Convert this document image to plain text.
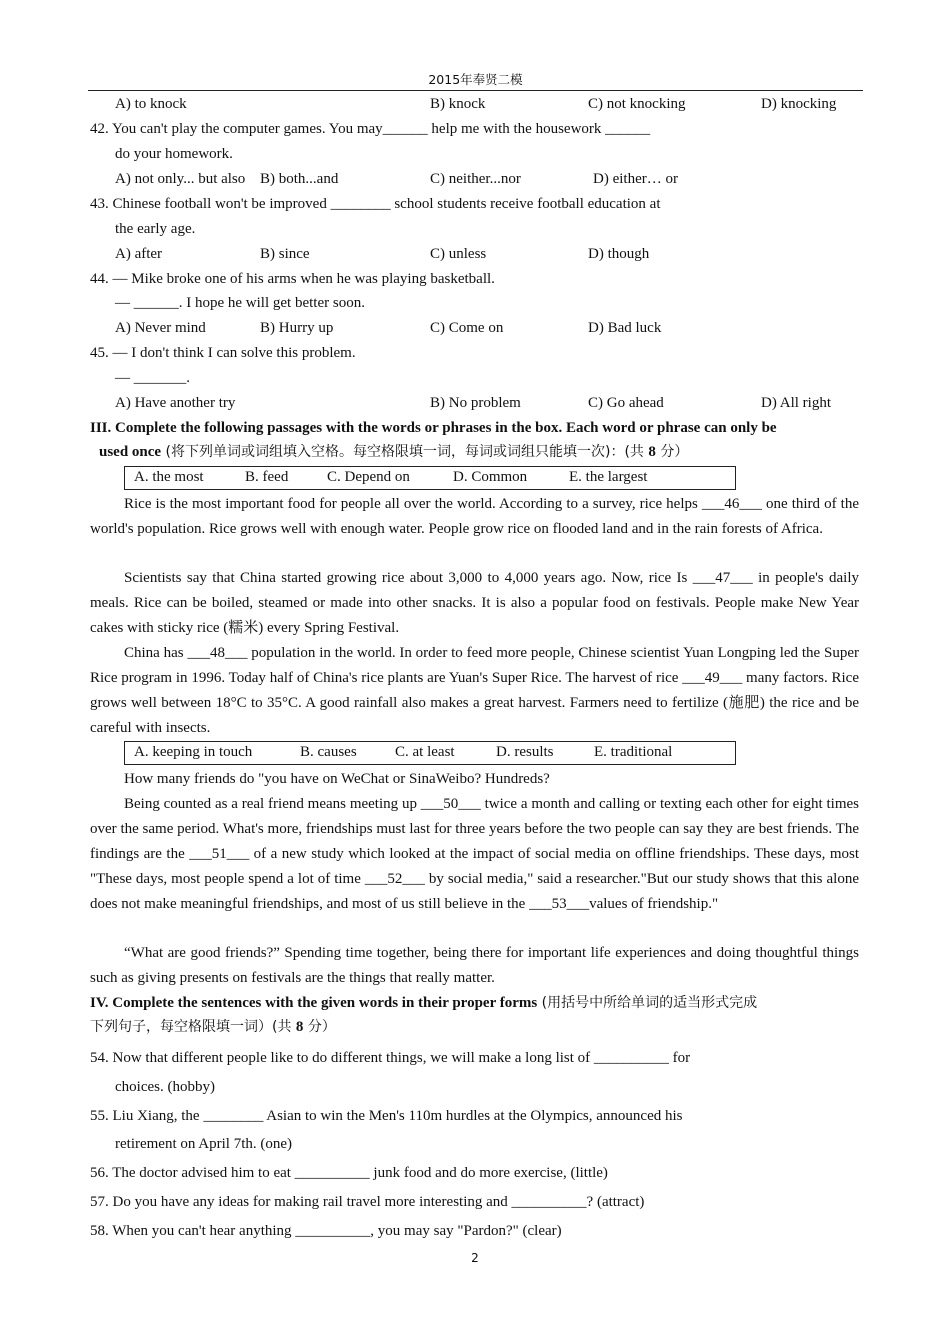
2015年奉贤二模
A) to knock	B) knock	C) not knocking	D) knocking
42. You can't play the computer games. You may______ help me with the housework ______
do your homework.
A) not only... but also B) both...and	C) neither...nor	D) either… or
43. Chinese football won't be improved ________ school students receive football education at
the early age.
A) after	B) since	C) unless	D) though
44. — Mike broke one of his arms when he was playing basketball.
— ______. I hope he will get better soon.
A) Never mind	B) Hurry up	C) Come on	D) Bad luck
45. — I don't think I can solve this problem.
— _______.
A) Have another try	B) No problem	C) Go ahead	D) All right
III. Complete the following passages with the words or phrases in the box. Each word or phrase can only be
used once (将下列单词或词组填入空格。每空格限填一词，每词或词组只能填一次)：(共 8 分）
A. the most	B. feed	C. Depend on	D. Common	E. the largest

Rice is the most important food for people all over the world. According to a survey, rice helps ___46___ one third of the world's population. Rice grows well with enough water. People grow rice on flooded land and in the rain forests of Africa.

Scientists say that China started growing rice about 3,000 to 4,000 years ago. Now, rice Is ___47___ in people's daily meals. Rice can be boiled, steamed or made into other snacks. It is also a popular food on festivals. People make New Year cakes with sticky rice (糯米) every Spring Festival.

China has ___48___ population in the world. In order to feed more people, Chinese scientist Yuan Longping led the Super Rice program in 1996. Today half of China's rice plants are Yuan's Super Rice. The harvest of rice ___49___ many factors. Rice grows well between 18°C to 35°C. A good rainfall also makes a great harvest. Farmers need to fertilize (施肥) the rice and be careful with insects.

A. keeping in touch	B. causes	C. at least	D. results	E. traditional

How many friends do "you have on WeChat or SinaWeibo? Hundreds?

Being counted as a real friend means meeting up ___50___ twice a month and calling or texting each other for eight times over the same period. What's more, friendships must last for three years before the two people can say they are best friends. The findings are the ___51___ of a new study which looked at the impact of social media on offline friendships. These days, most "These days, most people spend a lot of time ___52___ by social media," said a researcher."But our study shows that this alone does not make meaningful friendships, and most of us still believe in the ___53___values of friendship."

“What are good friends?” Spending time together, being there for important life experiences and doing thoughtful things such as giving presents on festivals are the things that really matter.

IV. Complete the sentences with the given words in their proper forms (用括号中所给单词的适当形式完成
下列句子，每空格限填一词）(共 8 分）
54. Now that different people like to do different things, we will make a long list of __________ for
choices. (hobby)
55. Liu Xiang, the ________ Asian to win the Men's 110m hurdles at the Olympics, announced his
retirement on April 7th. (one)
56. The doctor advised him to eat __________ junk food and do more exercise, (little)
57. Do you have any ideas for making rail travel more interesting and __________? (attract)
58. When you can't hear anything __________, you may say "Pardon?" (clear)
2
